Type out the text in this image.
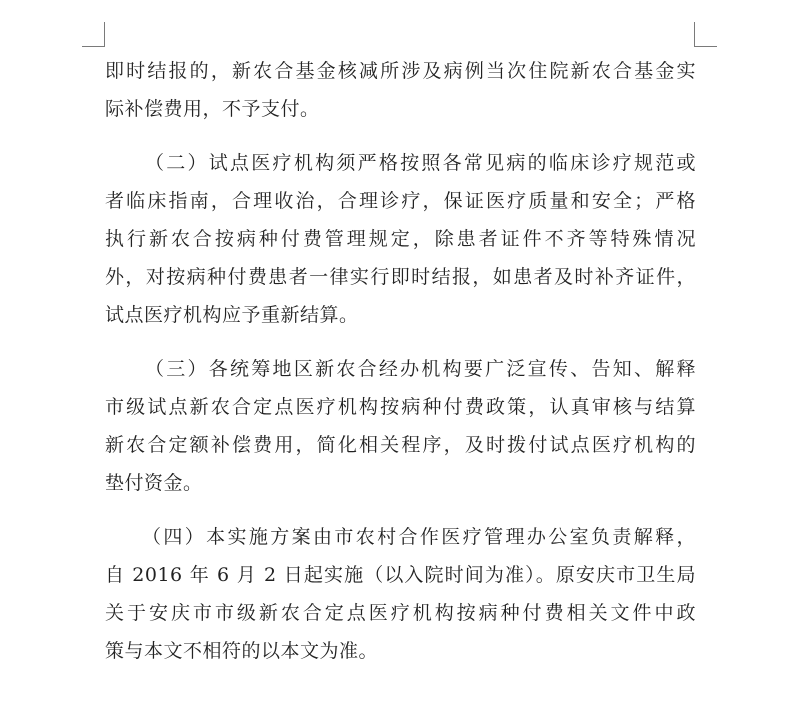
即时结报的，新农合基金核减所涉及病例当次住院新农合基金实
际补偿费用，不予支付。
（二）试点医疗机构须严格按照各常见病的临床诊疗规范或
者临床指南，合理收治，合理诊疗，保证医疗质量和安全；严格
执行新农合按病种付费管理规定，除患者证件不齐等特殊情况
外，对按病种付费患者一律实行即时结报，如患者及时补齐证件，
试点医疗机构应予重新结算。
（三）各统筹地区新农合经办机构要广泛宣传、告知、解释
市级试点新农合定点医疗机构按病种付费政策，认真审核与结算
新农合定额补偿费用，简化相关程序，及时拨付试点医疗机构的
垫付资金。
（四）本实施方案由市农村合作医疗管理办公室负责解释，
自 2016 年 6 月 2 日起实施（以入院时间为准）。原安庆市卫生局
关于安庆市市级新农合定点医疗机构按病种付费相关文件中政
策与本文不相符的以本文为准。
